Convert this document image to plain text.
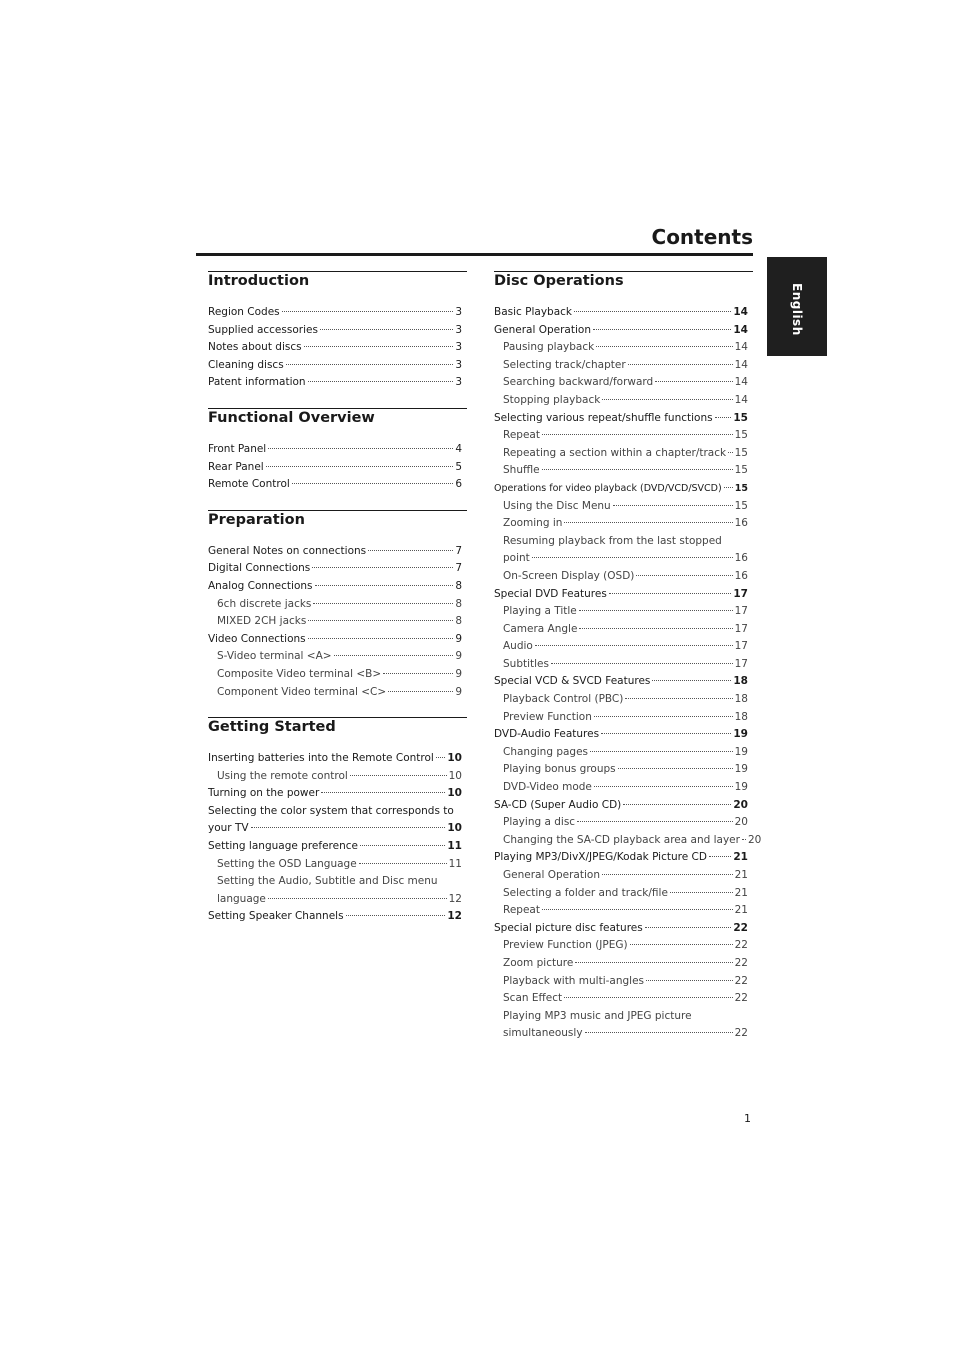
Contents
English
Introduction
Region Codes	3
Supplied accessories	3
Notes about discs	3
Cleaning discs	3
Patent information	3
Functional Overview
Front Panel	4
Rear Panel	5
Remote Control	6
Preparation
General Notes on connections	7
Digital Connections	7
Analog Connections	8
6ch discrete jacks	8
MIXED 2CH jacks	8
Video Connections	9
S-Video terminal <A>	9
Composite Video terminal <B>	9
Component Video terminal <C>	9
Getting Started
Inserting batteries into the Remote Control 10
Using the remote control	10
Turning on the power	10
Selecting the color system that corresponds to
your TV	10
Setting language preference	11
Setting the OSD Language	11
Setting the Audio, Subtitle and Disc menu
language	12
Setting Speaker Channels	12
Disc Operations
Basic Playback	14
General Operation	14
Pausing playback	14
Selecting track/chapter	14
Searching backward/forward	14
Stopping playback	14
Selecting various repeat/shuffle functions 15
Repeat	15
Repeating a section within a chapter/track 15
Shuffle	15
Operations for video playback (DVD/VCD/SVCD) 15
Using the Disc Menu	15
Zooming in	16
Resuming playback from the last stopped
point	16
On-Screen Display (OSD)	16
Special DVD Features	17
Playing a Title	17
Camera Angle	17
Audio	17
Subtitles	17
Special VCD & SVCD Features	18
Playback Control (PBC)	18
Preview Function	18
DVD-Audio Features	19
Changing pages	19
Playing bonus groups	19
DVD-Video mode	19
SA-CD (Super Audio CD)	20
Playing a disc	20
Changing the SA-CD playback area and layer 20
Playing MP3/DivX/JPEG/Kodak Picture CD	21
General Operation	21
Selecting a folder and track/file	21
Repeat	21
Special picture disc features	22
Preview Function (JPEG)	22
Zoom picture	22
Playback with multi-angles	22
Scan Effect	22
Playing MP3 music and JPEG picture
simultaneously	22
1
